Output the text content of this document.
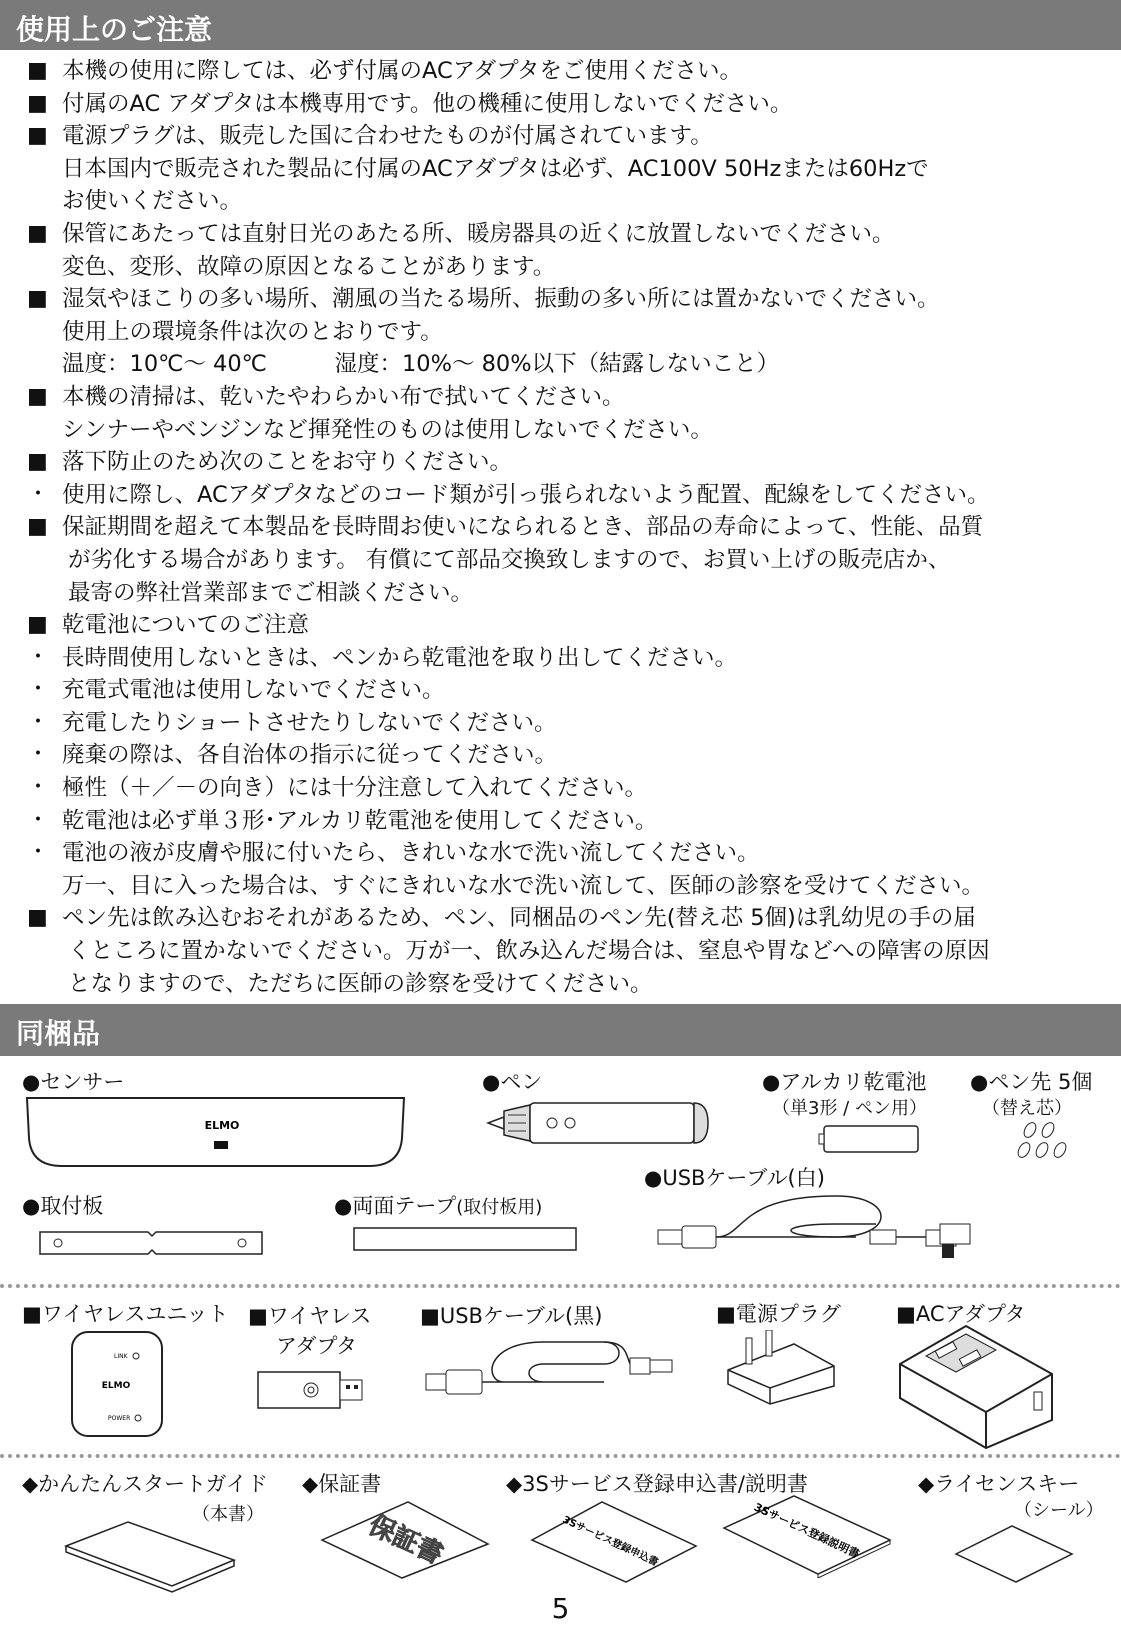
使用上のご注意
■ 本機の使用に際しては、必ず付属のACアダプタをご使用ください。
■ 付属のAC アダプタは本機専用です。他の機種に使用しないでください。
■ 電源プラグは、販売した国に合わせたものが付属されています。
日本国内で販売された製品に付属のACアダプタは必ず、AC100V 50Hzまたは60Hzで
お使いください。
■ 保管にあたっては直射日光のあたる所、暖房器具の近くに放置しないでください。
変色、変形、故障の原因となることがあります。
■ 湿気やほこりの多い場所、潮風の当たる場所、振動の多い所には置かないでください。
使用上の環境条件は次のとおりです。
温度：10℃～ 40℃　　　湿度：10%～ 80%以下（結露しないこと）
■ 本機の清掃は、乾いたやわらかい布で拭いてください。
シンナーやベンジンなど揮発性のものは使用しないでください。
■ 落下防止のため次のことをお守りください。
・ 使用に際し、ACアダプタなどのコード類が引っ張られないよう配置、配線をしてください。
■ 保証期間を超えて本製品を長時間お使いになられるとき、部品の寿命によって、性能、品質
が劣化する場合があります。 有償にて部品交換致しますので、お買い上げの販売店か、
最寄の弊社営業部までご相談ください。
■ 乾電池についてのご注意
・ 長時間使用しないときは、ペンから乾電池を取り出してください。
・ 充電式電池は使用しないでください。
・ 充電したりショートさせたりしないでください。
・ 廃棄の際は、各自治体の指示に従ってください。
・ 極性（＋／－の向き）には十分注意して入れてください。
・ 乾電池は必ず単３形･アルカリ乾電池を使用してください。
・ 電池の液が皮膚や服に付いたら、きれいな水で洗い流してください。
万一、目に入った場合は、すぐにきれいな水で洗い流して、医師の診察を受けてください。
■ ペン先は飲み込むおそれがあるため、ペン、同梱品のペン先(替え芯 5個)は乳幼児の手の届
くところに置かないでください。万が一、飲み込んだ場合は、窒息や胃などへの障害の原因
となりますので、ただちに医師の診察を受けてください。
同梱品
●センサー	●ペン	●アルカリ乾電池
（単3形 / ペン用）
●ペン先 5個
（替え芯）
ELMO
●USBケーブル(白)
●取付板	●両面テープ(取付板用)
■ワイヤレスユニット ■ワイヤレス
アダプタ
■USBケーブル(黒)	■電源プラグ	■ACアダプタ
LINK
ELMO
POWER
◆かんたんスタートガイド
（本書）
◆保証書	◆3Sサービス登録申込書/説明書	◆ライセンスキー
（シール）
保証書	3Sサービス登録申込書	3Sサービス登録説明書
5
